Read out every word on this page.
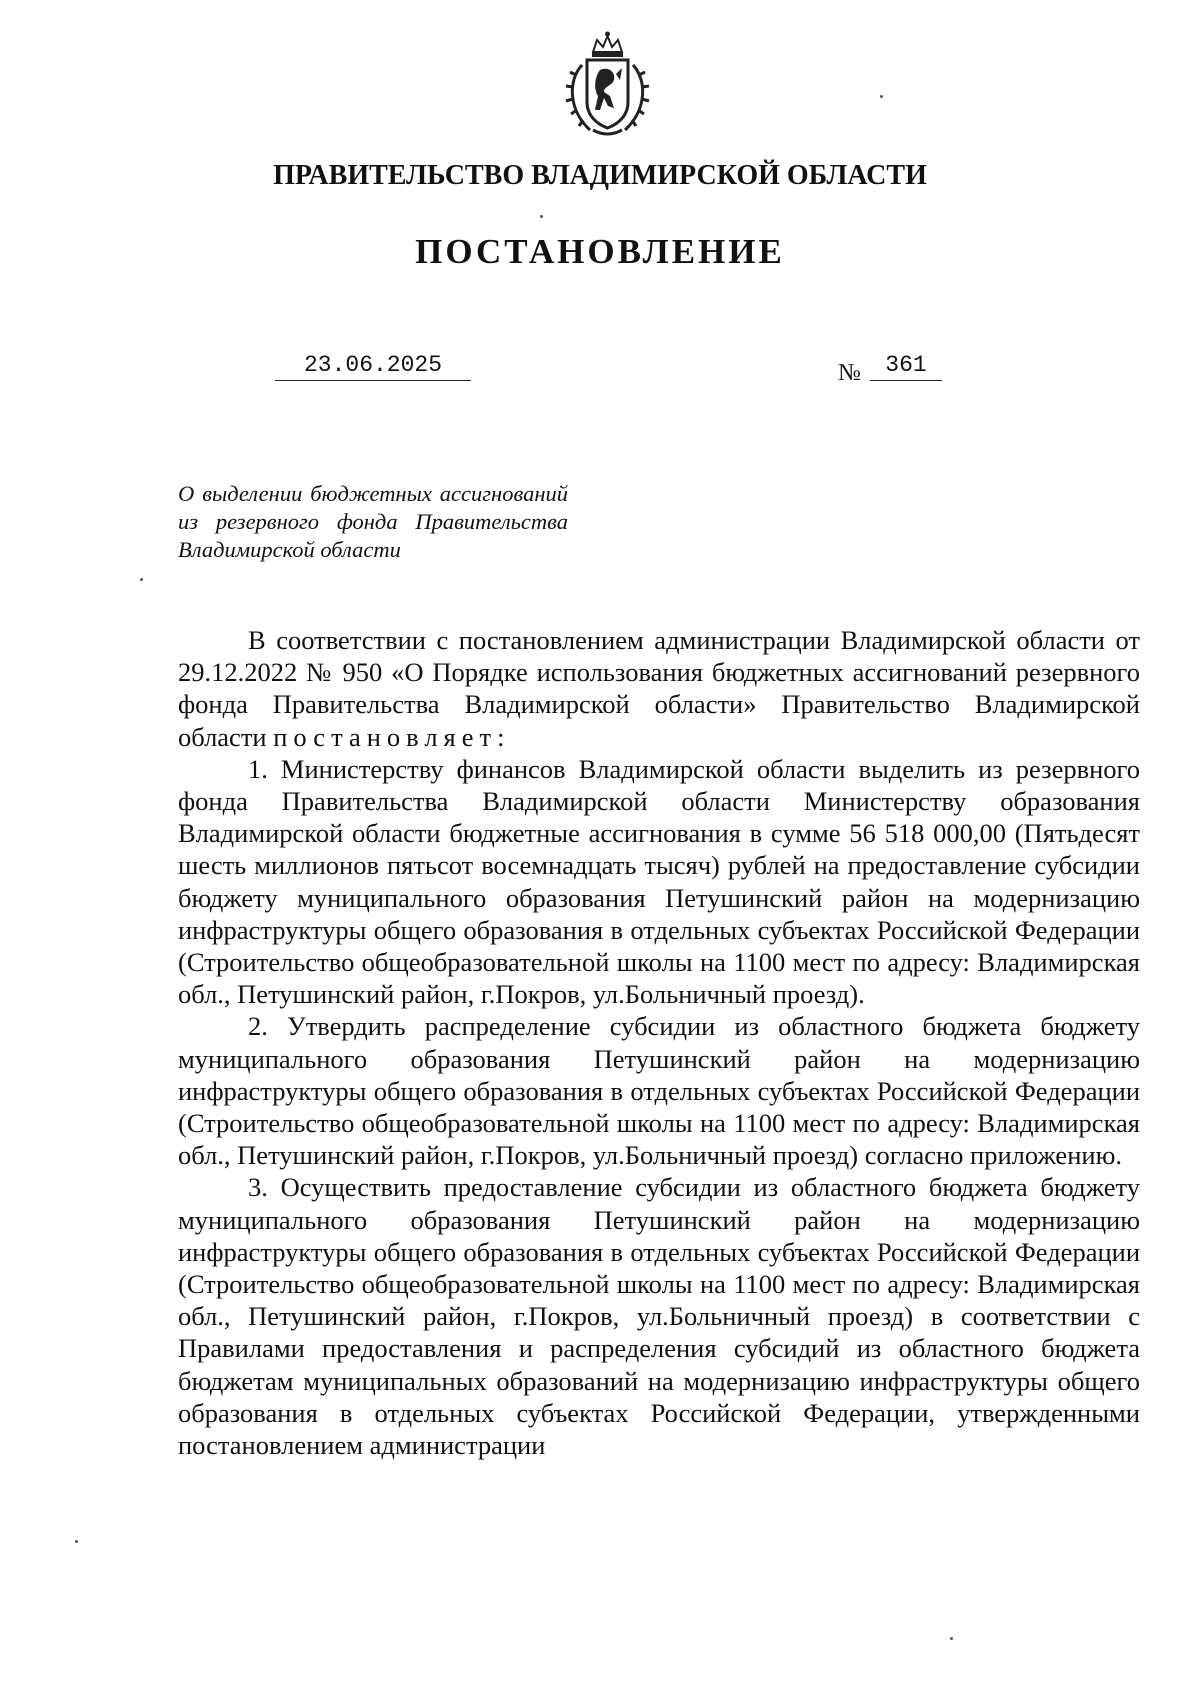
ПРАВИТЕЛЬСТВО ВЛАДИМИРСКОЙ ОБЛАСТИ
ПОСТАНОВЛЕНИЕ
23.06.2025	№	361
О выделении бюджетных ассигнований из резервного фонда Правительства Владимирской области

В соответствии с постановлением администрации Владимирской области от 29.12.2022 № 950 «О Порядке использования бюджетных ассигнований резервного фонда Правительства Владимирской области» Правительство Владимирской области постановляет:

1. Министерству финансов Владимирской области выделить из резервного фонда Правительства Владимирской области Министерству образования Владимирской области бюджетные ассигнования в сумме 56 518 000,00 (Пятьдесят шесть миллионов пятьсот восемнадцать тысяч) рублей на предоставление субсидии бюджету муниципального образования Петушинский район на модернизацию инфраструктуры общего образования в отдельных субъектах Российской Федерации (Строительство общеобразовательной школы на 1100 мест по адресу: Владимирская обл., Петушинский район, г.Покров, ул.Больничный проезд).

2. Утвердить распределение субсидии из областного бюджета бюджету муниципального образования Петушинский район на модернизацию инфраструктуры общего образования в отдельных субъектах Российской Федерации (Строительство общеобразовательной школы на 1100 мест по адресу: Владимирская обл., Петушинский район, г.Покров, ул.Больничный проезд) согласно приложению.

3. Осуществить предоставление субсидии из областного бюджета бюджету муниципального образования Петушинский район на модернизацию инфраструктуры общего образования в отдельных субъектах Российской Федерации (Строительство общеобразовательной школы на 1100 мест по адресу: Владимирская обл., Петушинский район, г.Покров, ул.Больничный проезд) в соответствии с Правилами предоставления и распределения субсидий из областного бюджета бюджетам муниципальных образований на модернизацию инфраструктуры общего образования в отдельных субъектах Российской Федерации, утвержденными постановлением администрации
